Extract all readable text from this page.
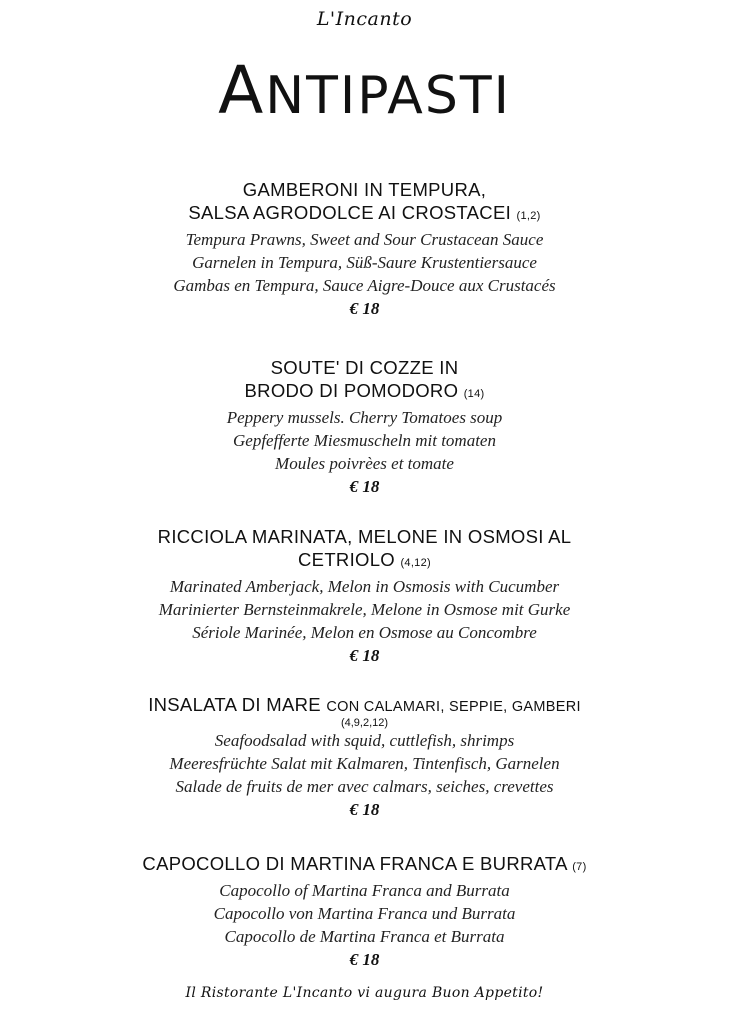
L'Incanto
ANTIPASTI
GAMBERONI IN TEMPURA,
SALSA AGRODOLCE AI CROSTACEI (1,2)
Tempura Prawns, Sweet and Sour Crustacean Sauce
Garnelen in Tempura, Süß-Saure Krustentiersauce
Gambas en Tempura, Sauce Aigre-Douce aux Crustacés
€ 18
SOUTE' DI COZZE IN
BRODO DI POMODORO (14)
Peppery mussels. Cherry Tomatoes soup
Gepfefferte Miesmuscheln mit tomaten
Moules poivrèes et tomate
€ 18
RICCIOLA MARINATA, MELONE IN OSMOSI AL
CETRIOLO (4,12)
Marinated Amberjack, Melon in Osmosis with Cucumber
Marinierter Bernsteinmakrele, Melone in Osmose mit Gurke
Sériole Marinée, Melon en Osmose au Concombre
€ 18
INSALATA DI MARE CON CALAMARI, SEPPIE, GAMBERI
(4,9,2,12)
Seafoodsalad with squid, cuttlefish, shrimps
Meeresfrüchte Salat mit Kalmaren, Tintenfisch, Garnelen
Salade de fruits de mer avec calmars, seiches, crevettes
€ 18
CAPOCOLLO DI MARTINA FRANCA E BURRATA (7)
Capocollo of Martina Franca and Burrata
Capocollo von Martina Franca und Burrata
Capocollo de Martina Franca et Burrata
€ 18
Il Ristorante L'Incanto vi augura Buon Appetito!
